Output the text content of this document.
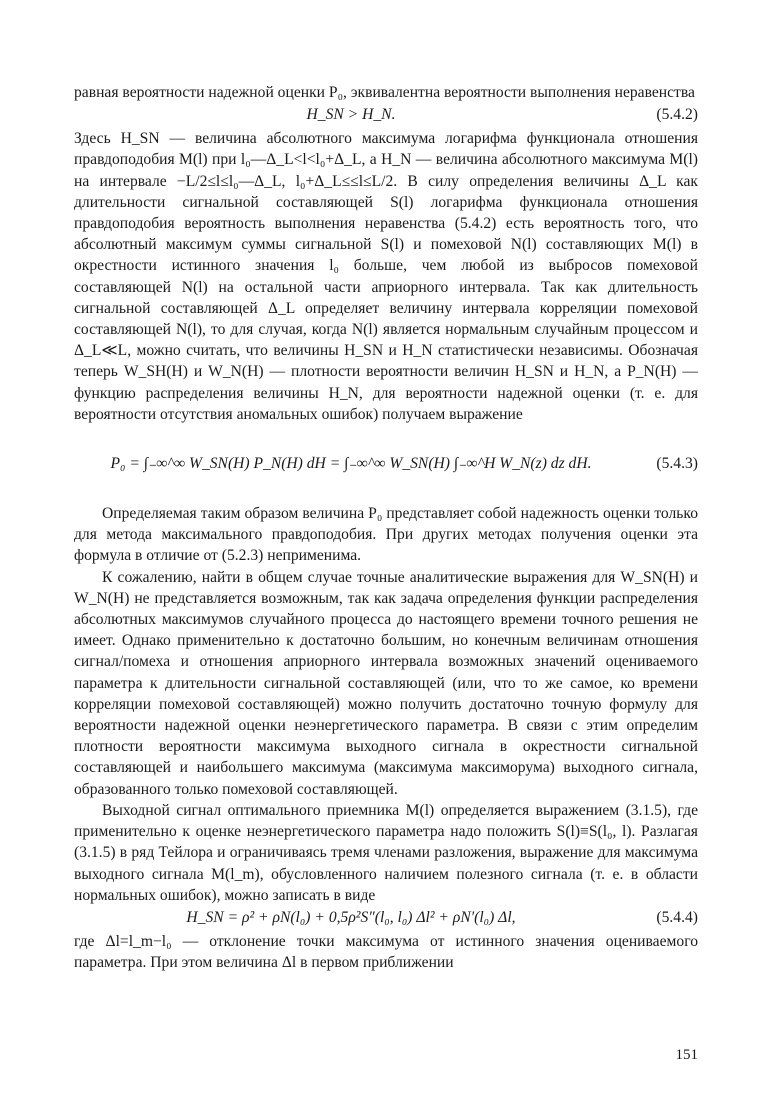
равная вероятности надежной оценки P₀, эквивалентна вероятности выполнения неравенства

H_SN > H_N.	(5.4.2)

Здесь H_SN — величина абсолютного максимума логарифма функционала отношения правдоподобия M(l) при l₀—Δ_L<l<l₀+Δ_L, а H_N — величина абсолютного максимума M(l) на интервале −L/2≤l≤l₀—Δ_L, l₀+Δ_L≤≤l≤L/2. В силу определения величины Δ_L как длительности сигнальной составляющей S(l) логарифма функционала отношения правдоподобия вероятность выполнения неравенства (5.4.2) есть вероятность того, что абсолютный максимум суммы сигнальной S(l) и помеховой N(l) составляющих M(l) в окрестности истинного значения l₀ больше, чем любой из выбросов помеховой составляющей N(l) на остальной части априорного интервала. Так как длительность сигнальной составляющей Δ_L определяет величину интервала корреляции помеховой составляющей N(l), то для случая, когда N(l) является нормальным случайным процессом и Δ_L≪L, можно считать, что величины H_SN и H_N статистически независимы. Обозначая теперь W_SH(H) и W_N(H) — плотности вероятности величин H_SN и H_N, а P_N(H) — функцию распределения величины H_N, для вероятности надежной оценки (т. е. для вероятности отсутствия аномальных ошибок) получаем выражение

P₀ = ∫₋∞^∞ W_SN(H) P_N(H) dH = ∫₋∞^∞ W_SN(H) ∫₋∞^H W_N(z) dz dH.	(5.4.3)

Определяемая таким образом величина P₀ представляет собой надежность оценки только для метода максимального правдоподобия. При других методах получения оценки эта формула в отличие от (5.2.3) неприменима.

К сожалению, найти в общем случае точные аналитические выражения для W_SN(H) и W_N(H) не представляется возможным, так как задача определения функции распределения абсолютных максимумов случайного процесса до настоящего времени точного решения не имеет. Однако применительно к достаточно большим, но конечным величинам отношения сигнал/помеха и отношения априорного интервала возможных значений оцениваемого параметра к длительности сигнальной составляющей (или, что то же самое, ко времени корреляции помеховой составляющей) можно получить достаточно точную формулу для вероятности надежной оценки неэнергетического параметра. В связи с этим определим плотности вероятности максимума выходного сигнала в окрестности сигнальной составляющей и наибольшего максимума (максимума максиморума) выходного сигнала, образованного только помеховой составляющей.

Выходной сигнал оптимального приемника M(l) определяется выражением (3.1.5), где применительно к оценке неэнергетического параметра надо положить S(l)≡S(l₀, l). Разлагая (3.1.5) в ряд Тейлора и ограничиваясь тремя членами разложения, выражение для максимума выходного сигнала M(l_m), обусловленного наличием полезного сигнала (т. е. в области нормальных ошибок), можно записать в виде

H_SN = ρ² + ρN(l₀) + 0,5ρ²S″(l₀, l₀) Δl² + ρN′(l₀) Δl,	(5.4.4)

где Δl=l_m−l₀ — отклонение точки максимума от истинного значения оцениваемого параметра. При этом величина Δl в первом приближении

151
